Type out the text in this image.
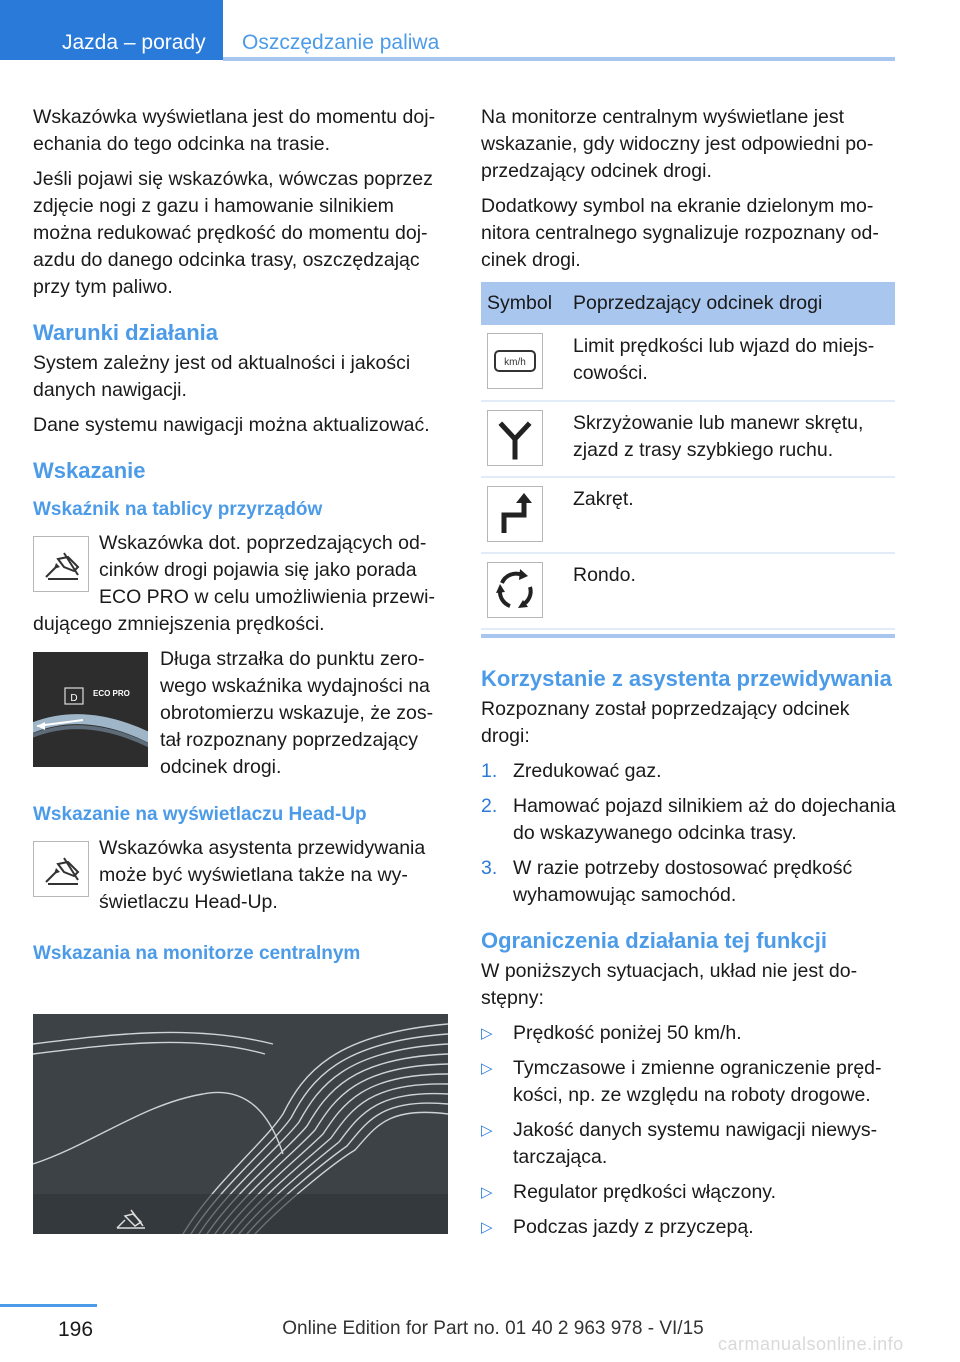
Jazda – porady Oszczędzanie paliwa

Wskazówka wyświetlana jest do momentu dojechania do tego odcinka na trasie.

Jeśli pojawi się wskazówka, wówczas poprzez zdjęcie nogi z gazu i hamowanie silnikiem można redukować prędkość do momentu dojazdu do danego odcinka trasy, oszczędzając przy tym paliwo.

Warunki działania

System zależny jest od aktualności i jakości danych nawigacji.

Dane systemu nawigacji można aktualizować.

Wskazanie
Wskaźnik na tablicy przyrządów

Wskazówka dot. poprzedzających odcinków drogi pojawia się jako porada ECO PRO w celu umożliwienia przewidującego zmniejszenia prędkości.

D ECO PRO

Długa strzałka do punktu zerowego wskaźnika wydajności na obrotomierzu wskazuje, że został rozpoznany poprzedzający odcinek drogi.

Wskazanie na wyświetlaczu Head-Up

Wskazówka asystenta przewidywania może być wyświetlana także na wyświetlaczu Head-Up.

Wskazania na monitorze centralnym

Na monitorze centralnym wyświetlane jest wskazanie, gdy widoczny jest odpowiedni poprzedzający odcinek drogi.

Dodatkowy symbol na ekranie dzielonym monitora centralnego sygnalizuje rozpoznany odcinek drogi.

Symbol	Poprzedzający odcinek drogi

km/h	Limit prędkości lub wjazd do miejscowości.

	Skrzyżowanie lub manewr skrętu, zjazd z trasy szybkiego ruchu.

	Zakręt.

	Rondo.
Korzystanie z asystenta przewidywania

Rozpoznany został poprzedzający odcinek drogi:

1. Zredukować gaz.
2. Hamować pojazd silnikiem aż do dojechania do wskazywanego odcinka trasy.
3. W razie potrzeby dostosować prędkość wyhamowując samochód.
Ograniczenia działania tej funkcji

W poniższych sytuacjach, układ nie jest dostępny:

▷ Prędkość poniżej 50 km/h.
▷ Tymczasowe i zmienne ograniczenie prędkości, np. ze względu na roboty drogowe.
▷ Jakość danych systemu nawigacji niewystarczająca.
▷ Regulator prędkości włączony.
▷ Podczas jazdy z przyczepą.
196	Online Edition for Part no. 01 40 2 963 978 - VI/15
carmanualsonline.info
